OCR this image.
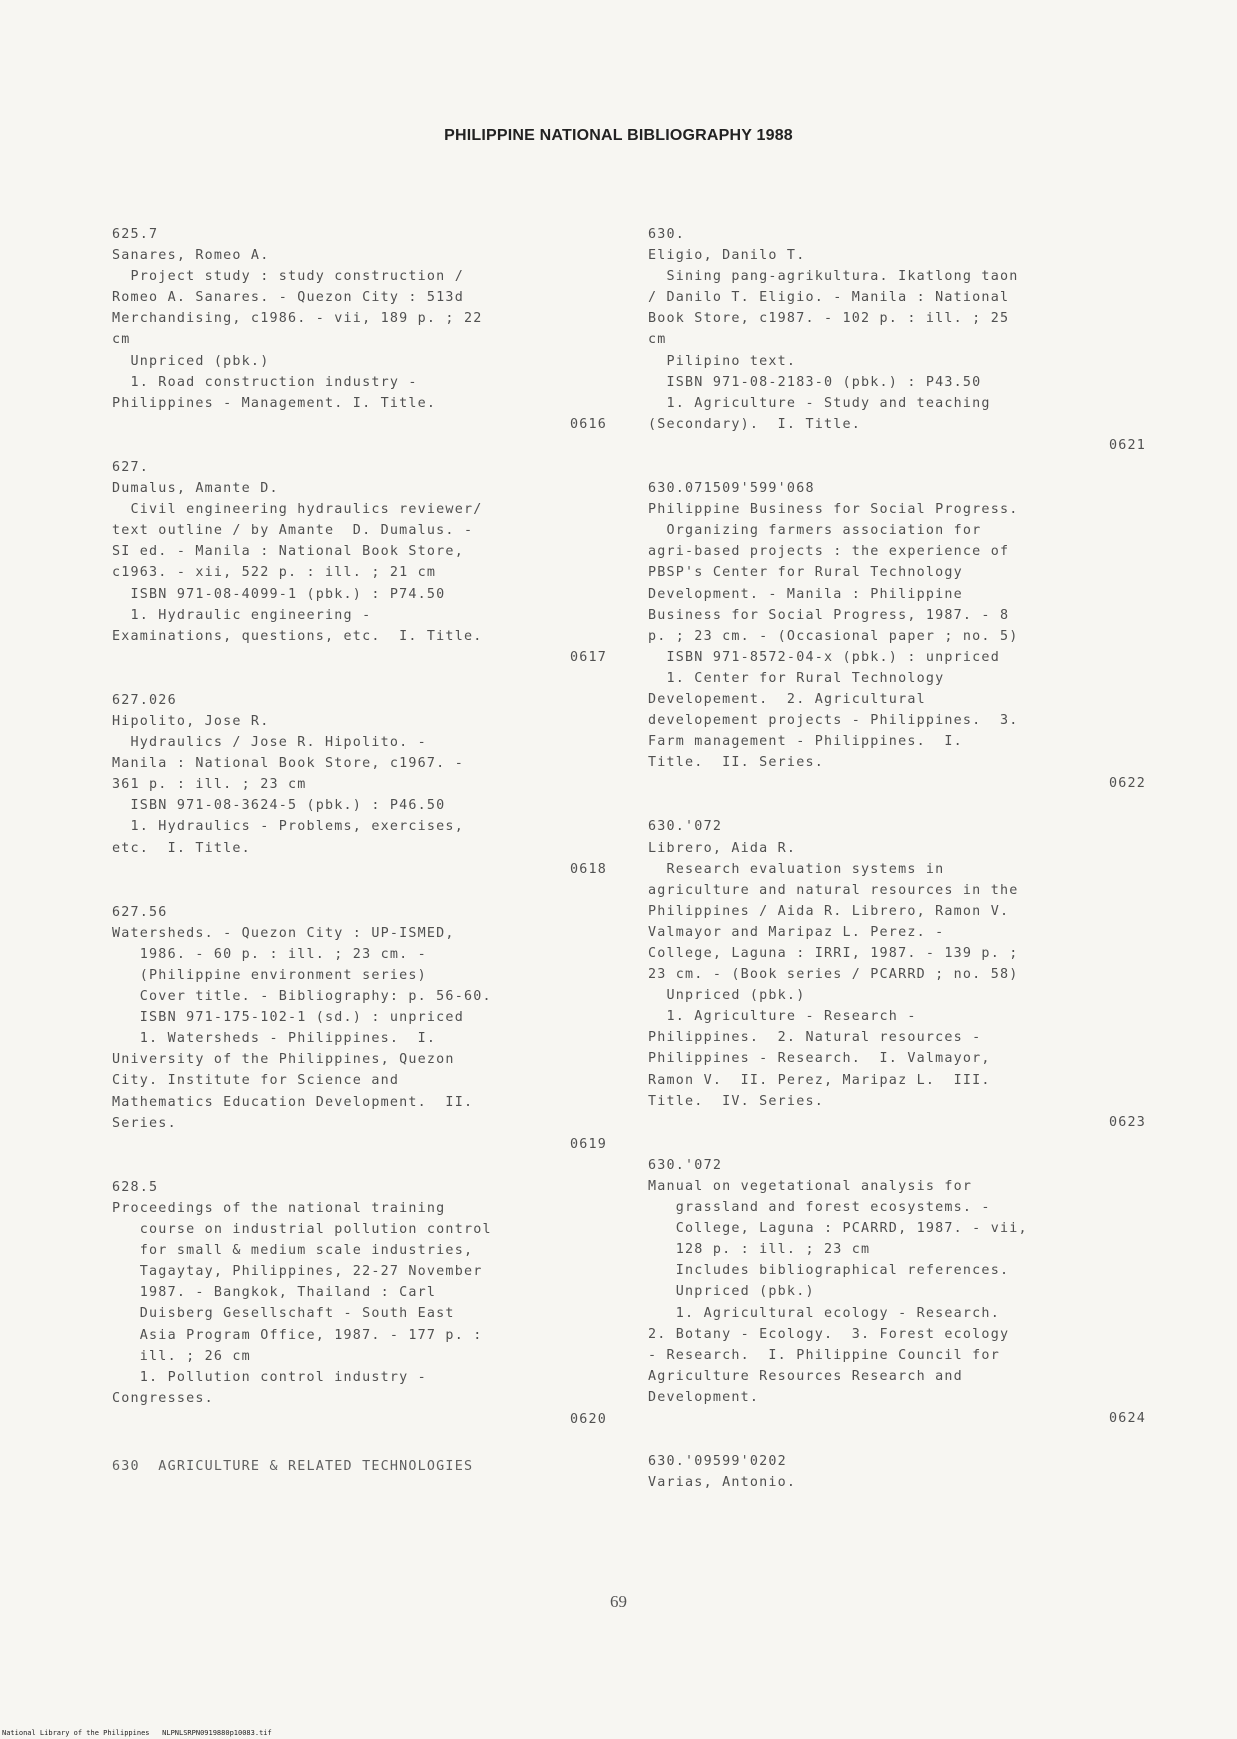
PHILIPPINE NATIONAL BIBLIOGRAPHY 1988
625.7
Sanares, Romeo A.
Project study : study construction /
Romeo A. Sanares. - Quezon City : 513d
Merchandising, c1986. - vii, 189 p. ; 22
cm
Unpriced (pbk.)
1. Road construction industry -
Philippines - Management. I. Title.
0616
627.
Dumalus, Amante D.
Civil engineering hydraulics reviewer/
text outline / by Amante  D. Dumalus. -
SI ed. - Manila : National Book Store,
c1963. - xii, 522 p. : ill. ; 21 cm
ISBN 971-08-4099-1 (pbk.) : P74.50
1. Hydraulic engineering -
Examinations, questions, etc.  I. Title.
0617
627.026
Hipolito, Jose R.
Hydraulics / Jose R. Hipolito. -
Manila : National Book Store, c1967. -
361 p. : ill. ; 23 cm
ISBN 971-08-3624-5 (pbk.) : P46.50
1. Hydraulics - Problems, exercises,
etc.  I. Title.
0618
627.56
Watersheds. - Quezon City : UP-ISMED,
1986. - 60 p. : ill. ; 23 cm. -
(Philippine environment series)
Cover title. - Bibliography: p. 56-60.
ISBN 971-175-102-1 (sd.) : unpriced
1. Watersheds - Philippines.  I.
University of the Philippines, Quezon
City. Institute for Science and
Mathematics Education Development.  II.
Series.
0619
628.5
Proceedings of the national training
course on industrial pollution control
for small & medium scale industries,
Tagaytay, Philippines, 22-27 November
1987. - Bangkok, Thailand : Carl
Duisberg Gesellschaft - South East
Asia Program Office, 1987. - 177 p. :
ill. ; 26 cm
1. Pollution control industry -
Congresses.
0620
630  AGRICULTURE & RELATED TECHNOLOGIES
630.
Eligio, Danilo T.
Sining pang-agrikultura. Ikatlong taon
/ Danilo T. Eligio. - Manila : National
Book Store, c1987. - 102 p. : ill. ; 25
cm
Pilipino text.
ISBN 971-08-2183-0 (pbk.) : P43.50
1. Agriculture - Study and teaching
(Secondary).  I. Title.
0621
630.071509'599'068
Philippine Business for Social Progress.
Organizing farmers association for
agri-based projects : the experience of
PBSP's Center for Rural Technology
Development. - Manila : Philippine
Business for Social Progress, 1987. - 8
p. ; 23 cm. - (Occasional paper ; no. 5)
ISBN 971-8572-04-x (pbk.) : unpriced
1. Center for Rural Technology
Developement.  2. Agricultural
developement projects - Philippines.  3.
Farm management - Philippines.  I.
Title.  II. Series.
0622
630.'072
Librero, Aida R.
Research evaluation systems in
agriculture and natural resources in the
Philippines / Aida R. Librero, Ramon V.
Valmayor and Maripaz L. Perez. -
College, Laguna : IRRI, 1987. - 139 p. ;
23 cm. - (Book series / PCARRD ; no. 58)
Unpriced (pbk.)
1. Agriculture - Research -
Philippines.  2. Natural resources -
Philippines - Research.  I. Valmayor,
Ramon V.  II. Perez, Maripaz L.  III.
Title.  IV. Series.
0623
630.'072
Manual on vegetational analysis for
grassland and forest ecosystems. -
College, Laguna : PCARRD, 1987. - vii,
128 p. : ill. ; 23 cm
Includes bibliographical references.
Unpriced (pbk.)
1. Agricultural ecology - Research.
2. Botany - Ecology.  3. Forest ecology
- Research.  I. Philippine Council for
Agriculture Resources Research and
Development.
0624
630.'09599'0202
Varias, Antonio.
69
National Library of the Philippines   NLPNLSRPN0919880p10083.tif
